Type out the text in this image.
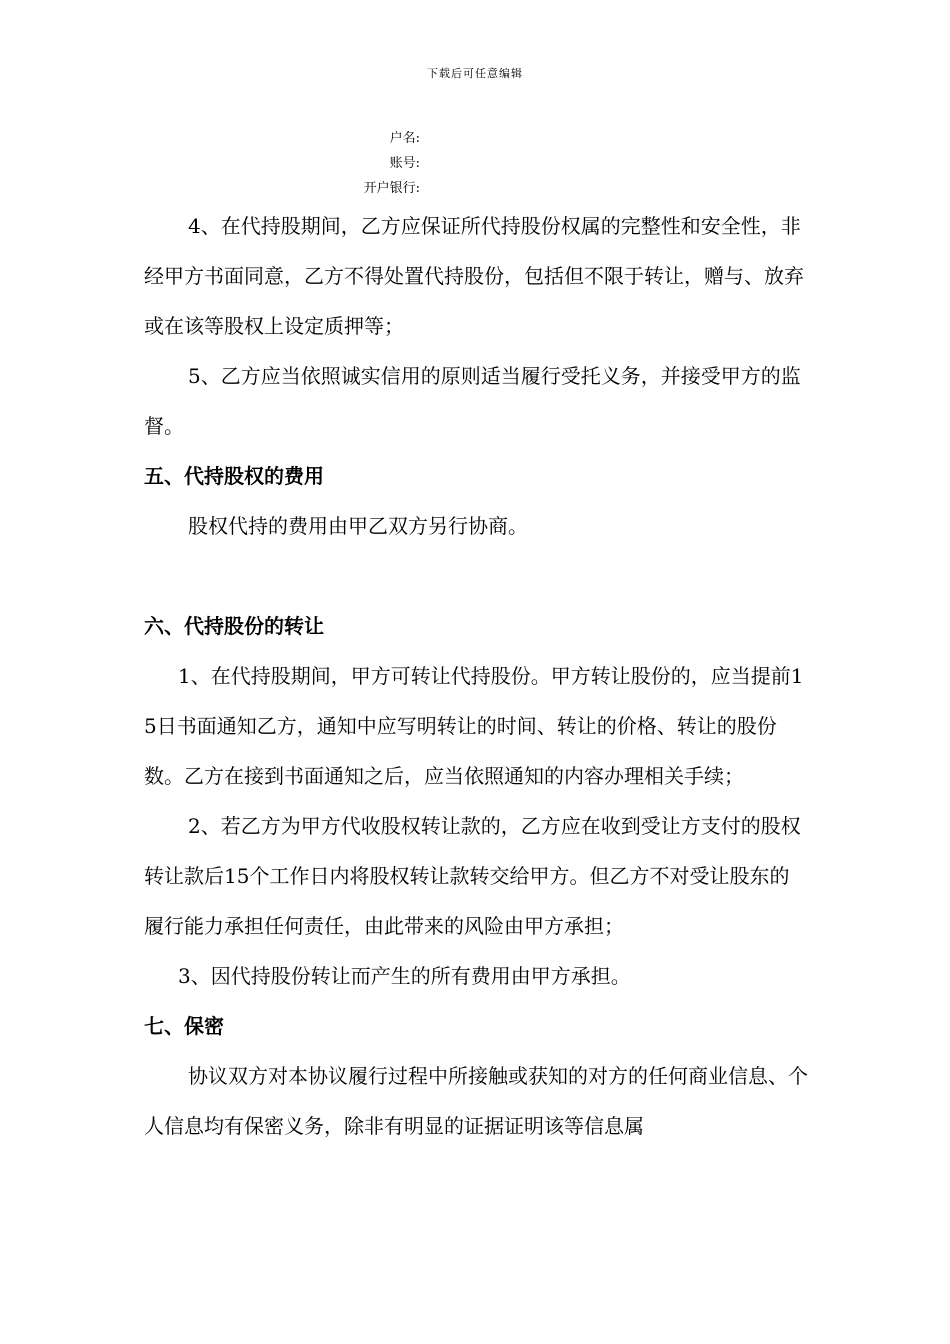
下载后可任意编辑
户名:
账号:
开户银行:

4、在代持股期间，乙方应保证所代持股份权属的完整性和安全性，非经甲方书面同意，乙方不得处置代持股份，包括但不限于转让，赠与、放弃或在该等股权上设定质押等；

5、乙方应当依照诚实信用的原则适当履行受托义务，并接受甲方的监督。

五、代持股权的费用

股权代持的费用由甲乙双方另行协商。

六、代持股份的转让

1、在代持股期间，甲方可转让代持股份。甲方转让股份的，应当提前15日书面通知乙方，通知中应写明转让的时间、转让的价格、转让的股份数。乙方在接到书面通知之后，应当依照通知的内容办理相关手续；

2、若乙方为甲方代收股权转让款的，乙方应在收到受让方支付的股权转让款后15个工作日内将股权转让款转交给甲方。但乙方不对受让股东的履行能力承担任何责任，由此带来的风险由甲方承担；

3、因代持股份转让而产生的所有费用由甲方承担。

七、保密

协议双方对本协议履行过程中所接触或获知的对方的任何商业信息、个人信息均有保密义务，除非有明显的证据证明该等信息属
